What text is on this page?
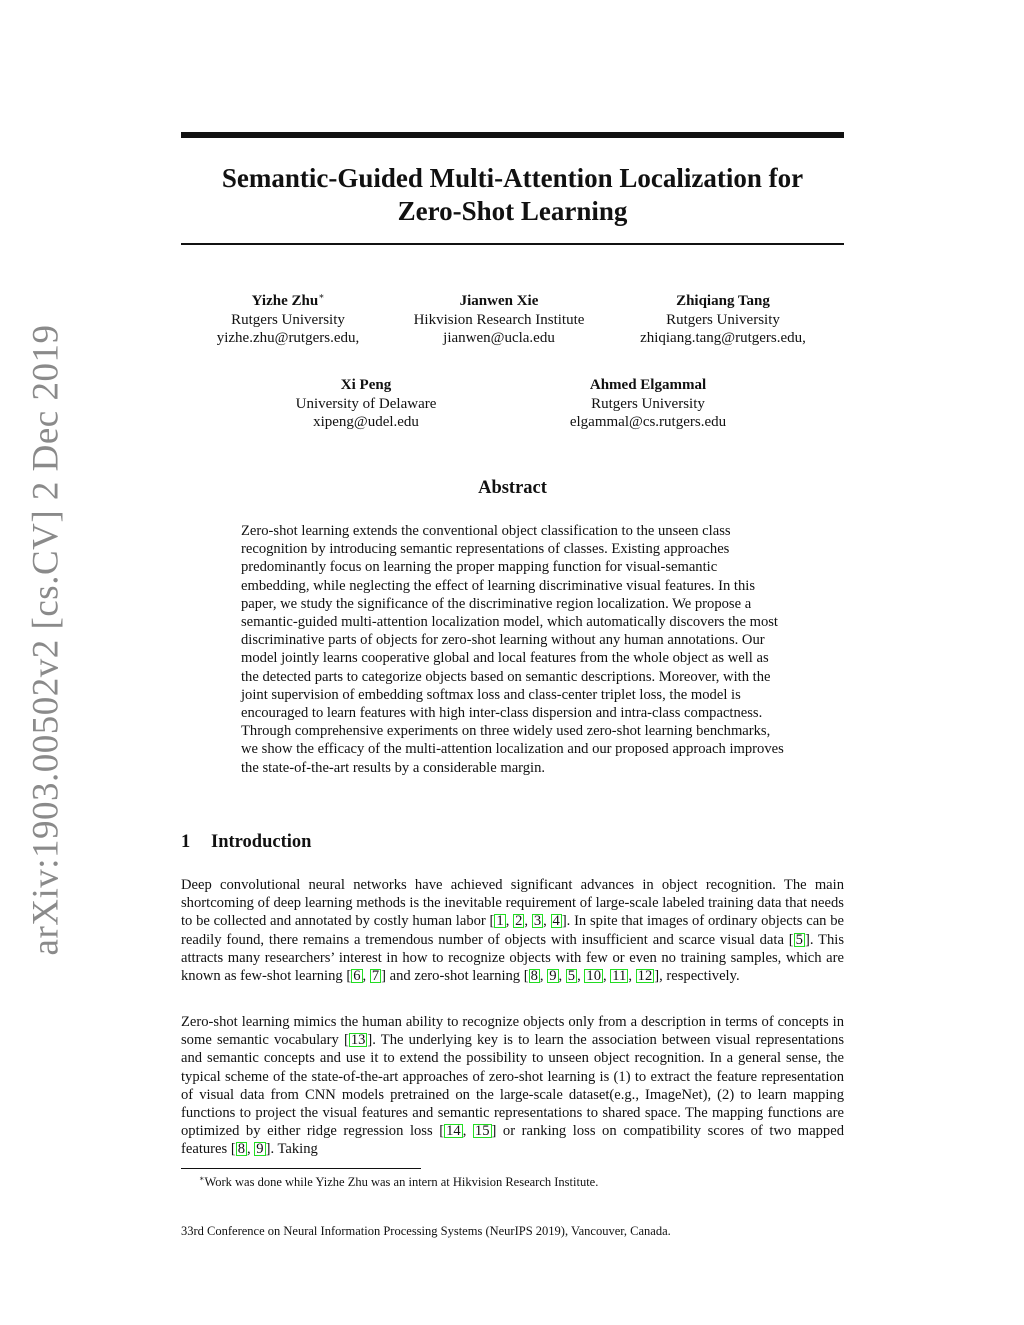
arXiv:1903.00502v2 [cs.CV] 2 Dec 2019
Semantic-Guided Multi-Attention Localization for
Zero-Shot Learning
Yizhe Zhu∗
Rutgers University
yizhe.zhu@rutgers.edu,
Jianwen Xie
Hikvision Research Institute
jianwen@ucla.edu
Zhiqiang Tang
Rutgers University
zhiqiang.tang@rutgers.edu,
Xi Peng
University of Delaware
xipeng@udel.edu
Ahmed Elgammal
Rutgers University
elgammal@cs.rutgers.edu
Abstract
Zero-shot learning extends the conventional object classification to the unseen class recognition by introducing semantic representations of classes. Existing approaches predominantly focus on learning the proper mapping function for visual-semantic embedding, while neglecting the effect of learning discriminative visual features. In this paper, we study the significance of the discriminative region localization. We propose a semantic-guided multi-attention localization model, which automatically discovers the most discriminative parts of objects for zero-shot learning without any human annotations. Our model jointly learns cooperative global and local features from the whole object as well as the detected parts to categorize objects based on semantic descriptions. Moreover, with the joint supervision of embedding softmax loss and class-center triplet loss, the model is encouraged to learn features with high inter-class dispersion and intra-class compactness. Through comprehensive experiments on three widely used zero-shot learning benchmarks, we show the efficacy of the multi-attention localization and our proposed approach improves the state-of-the-art results by a considerable margin.
1 Introduction
Deep convolutional neural networks have achieved significant advances in object recognition. The main shortcoming of deep learning methods is the inevitable requirement of large-scale labeled training data that needs to be collected and annotated by costly human labor [ 1 , 2 , 3 , 4 ]. In spite that images of ordinary objects can be readily found, there remains a tremendous number of objects with insufficient and scarce visual data [ 5 ]. This attracts many researchers’ interest in how to recognize objects with few or even no training samples, which are known as few-shot learning [ 6 , 7 ] and zero-shot learning [ 8 , 9 , 5 , 10 , 11 , 12 ], respectively.
Zero-shot learning mimics the human ability to recognize objects only from a description in terms of concepts in some semantic vocabulary [ 13 ]. The underlying key is to learn the association between visual representations and semantic concepts and use it to extend the possibility to unseen object recognition. In a general sense, the typical scheme of the state-of-the-art approaches of zero-shot learning is (1) to extract the feature representation of visual data from CNN models pretrained on the large-scale dataset(e.g., ImageNet), (2) to learn mapping functions to project the visual features and semantic representations to shared space. The mapping functions are optimized by either ridge regression loss [ 14 , 15 ] or ranking loss on compatibility scores of two mapped features [ 8 , 9 ]. Taking
∗Work was done while Yizhe Zhu was an intern at Hikvision Research Institute.
33rd Conference on Neural Information Processing Systems (NeurIPS 2019), Vancouver, Canada.
